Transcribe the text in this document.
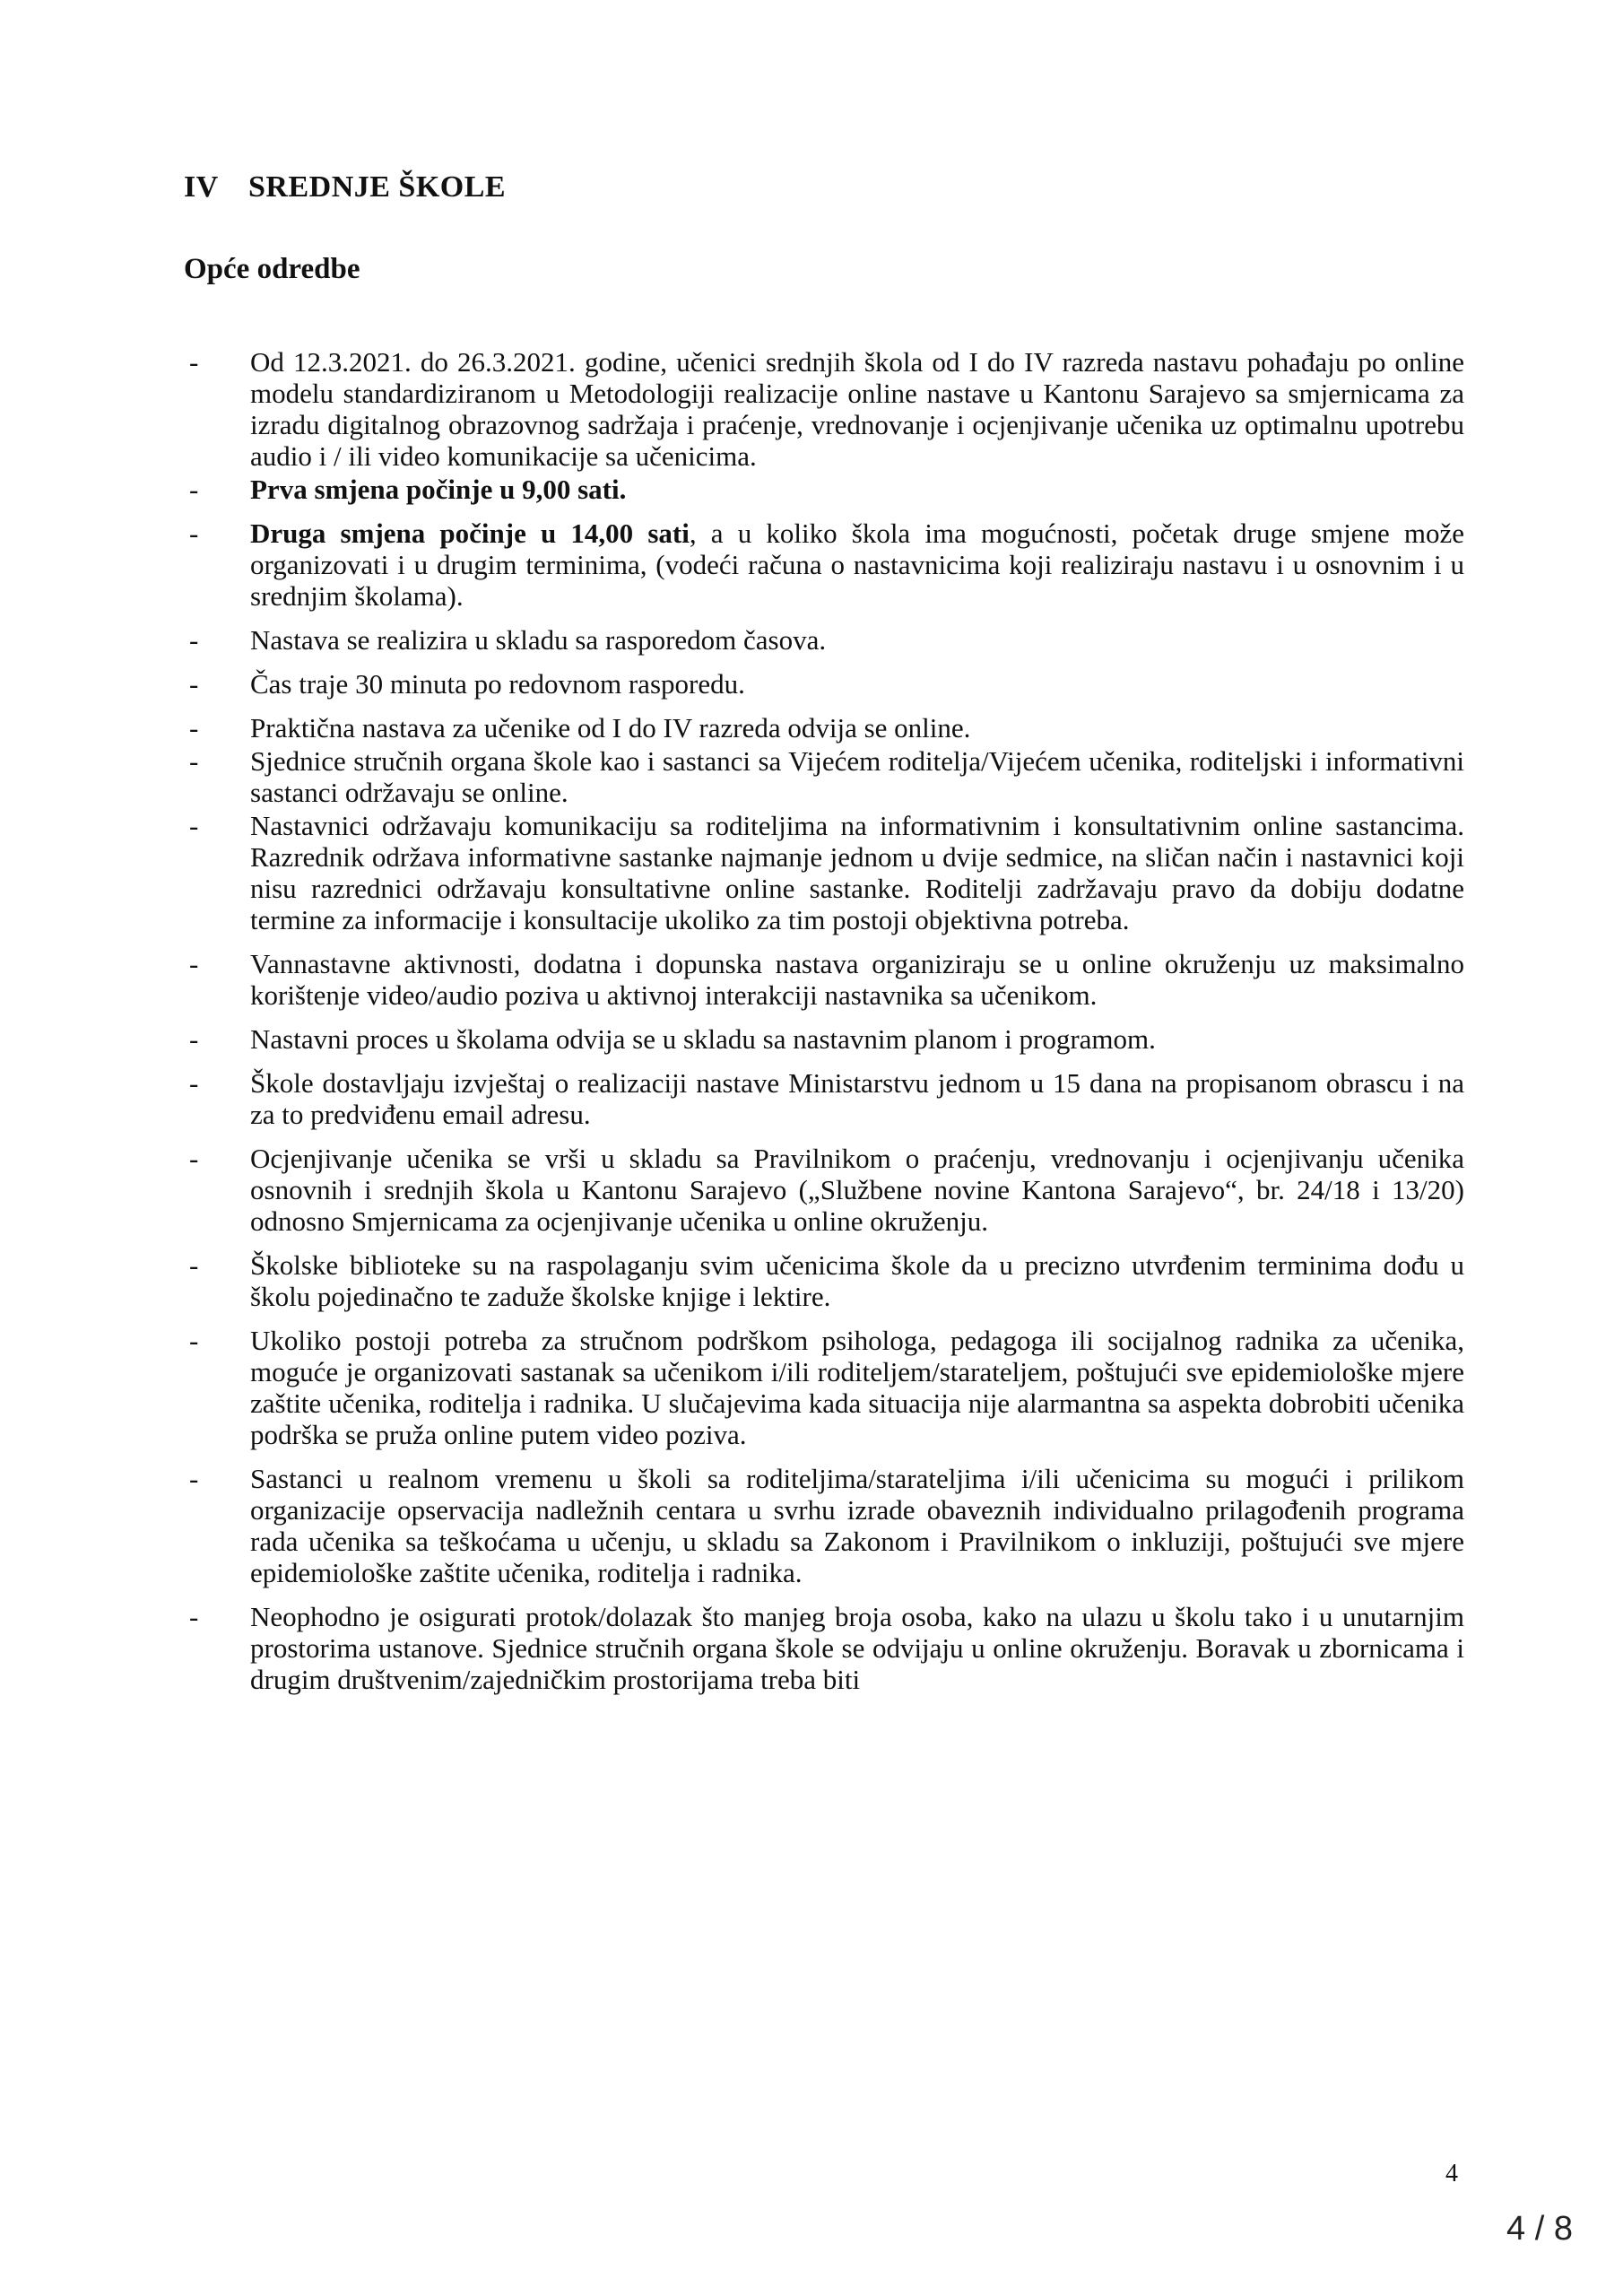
IV SREDNJE ŠKOLE
Opće odredbe
- Od 12.3.2021. do 26.3.2021. godine, učenici srednjih škola od I do IV razreda nastavu pohađaju po online modelu standardiziranom u Metodologiji realizacije online nastave u Kantonu Sarajevo sa smjernicama za izradu digitalnog obrazovnog sadržaja i praćenje, vrednovanje i ocjenjivanje učenika uz optimalnu upotrebu audio i / ili video komunikacije sa učenicima.
- Prva smjena počinje u 9,00 sati.
- Druga smjena počinje u 14,00 sati, a u koliko škola ima mogućnosti, početak druge smjene može organizovati i u drugim terminima, (vodeći računa o nastavnicima koji realiziraju nastavu i u osnovnim i u srednjim školama).
- Nastava se realizira u skladu sa rasporedom časova.
- Čas traje 30 minuta po redovnom rasporedu.
- Praktična nastava za učenike od I do IV razreda odvija se online.
- Sjednice stručnih organa škole kao i sastanci sa Vijećem roditelja/Vijećem učenika, roditeljski i informativni sastanci održavaju se online.
- Nastavnici održavaju komunikaciju sa roditeljima na informativnim i konsultativnim online sastancima. Razrednik održava informativne sastanke najmanje jednom u dvije sedmice, na sličan način i nastavnici koji nisu razrednici održavaju konsultativne online sastanke. Roditelji zadržavaju pravo da dobiju dodatne termine za informacije i konsultacije ukoliko za tim postoji objektivna potreba.
- Vannastavne aktivnosti, dodatna i dopunska nastava organiziraju se u online okruženju uz maksimalno korištenje video/audio poziva u aktivnoj interakciji nastavnika sa učenikom.
- Nastavni proces u školama odvija se u skladu sa nastavnim planom i programom.
- Škole dostavljaju izvještaj o realizaciji nastave Ministarstvu jednom u 15 dana na propisanom obrascu i na za to predviđenu email adresu.
- Ocjenjivanje učenika se vrši u skladu sa Pravilnikom o praćenju, vrednovanju i ocjenjivanju učenika osnovnih i srednjih škola u Kantonu Sarajevo („Službene novine Kantona Sarajevo“, br. 24/18 i 13/20) odnosno Smjernicama za ocjenjivanje učenika u online okruženju.
- Školske biblioteke su na raspolaganju svim učenicima škole da u precizno utvrđenim terminima dođu u školu pojedinačno te zaduže školske knjige i lektire.
- Ukoliko postoji potreba za stručnom podrškom psihologa, pedagoga ili socijalnog radnika za učenika, moguće je organizovati sastanak sa učenikom i/ili roditeljem/starateljem, poštujući sve epidemiološke mjere zaštite učenika, roditelja i radnika. U slučajevima kada situacija nije alarmantna sa aspekta dobrobiti učenika podrška se pruža online putem video poziva.
- Sastanci u realnom vremenu u školi sa roditeljima/starateljima i/ili učenicima su mogući i prilikom organizacije opservacija nadležnih centara u svrhu izrade obaveznih individualno prilagođenih programa rada učenika sa teškoćama u učenju, u skladu sa Zakonom i Pravilnikom o inkluziji, poštujući sve mjere epidemiološke zaštite učenika, roditelja i radnika.
- Neophodno je osigurati protok/dolazak što manjeg broja osoba, kako na ulazu u školu tako i u unutarnjim prostorima ustanove. Sjednice stručnih organa škole se odvijaju u online okruženju. Boravak u zbornicama i drugim društvenim/zajedničkim prostorijama treba biti
4
4 / 8
